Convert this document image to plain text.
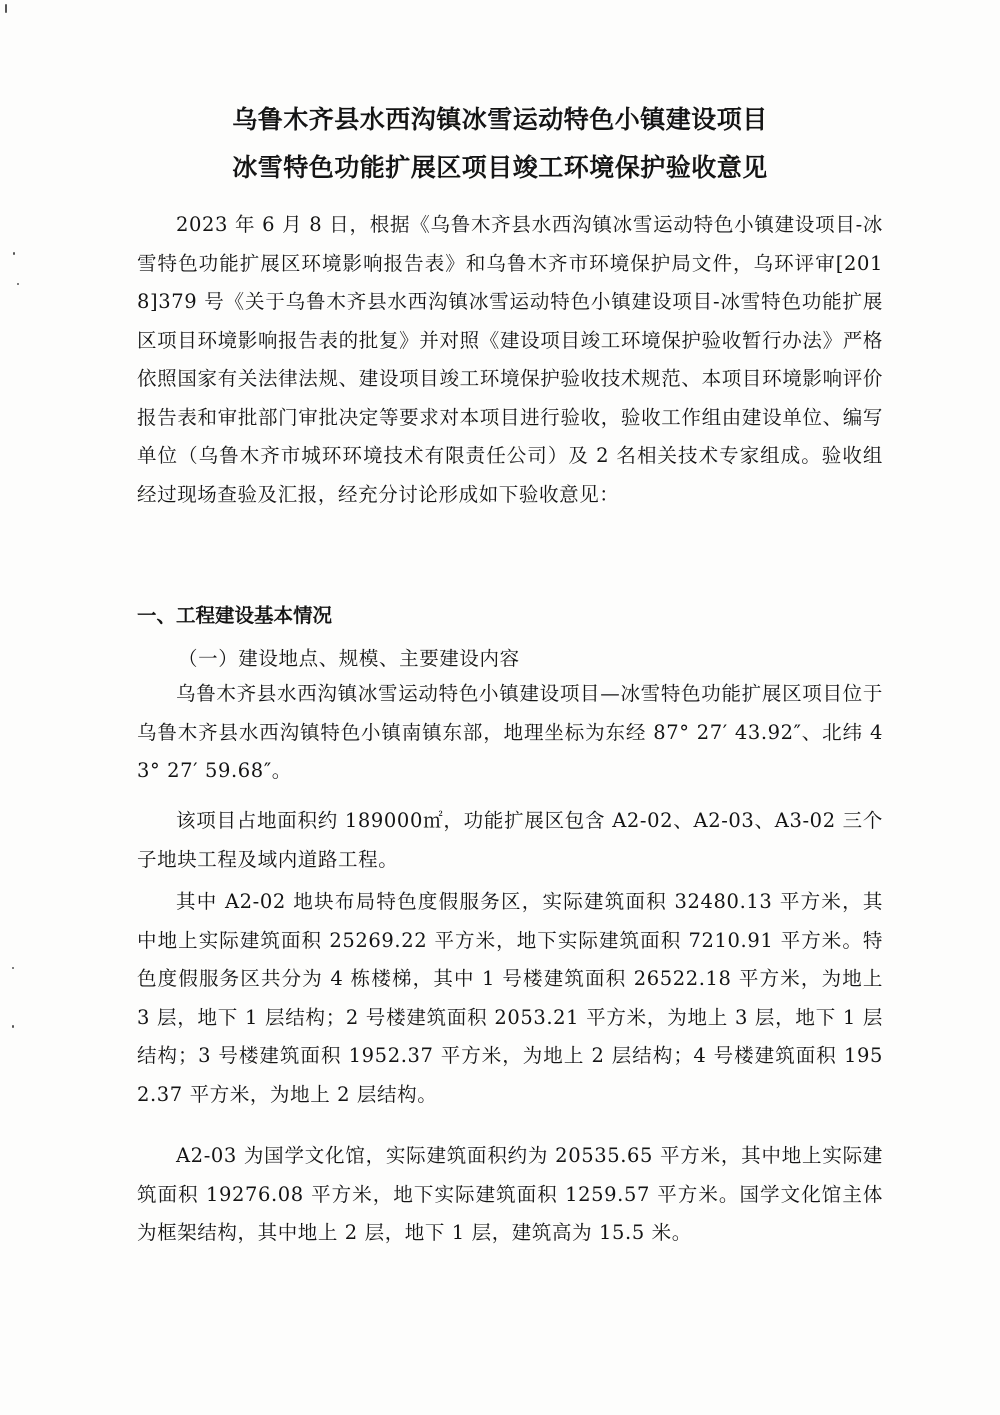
乌鲁木齐县水西沟镇冰雪运动特色小镇建设项目
冰雪特色功能扩展区项目竣工环境保护验收意见

2023 年 6 月 8 日，根据《乌鲁木齐县水西沟镇冰雪运动特色小镇建设项目-冰雪特色功能扩展区环境影响报告表》和乌鲁木齐市环境保护局文件，乌环评审[2018]379 号《关于乌鲁木齐县水西沟镇冰雪运动特色小镇建设项目-冰雪特色功能扩展区项目环境影响报告表的批复》并对照《建设项目竣工环境保护验收暂行办法》严格依照国家有关法律法规、建设项目竣工环境保护验收技术规范、本项目环境影响评价报告表和审批部门审批决定等要求对本项目进行验收，验收工作组由建设单位、编写单位（乌鲁木齐市城环环境技术有限责任公司）及 2 名相关技术专家组成。验收组经过现场查验及汇报，经充分讨论形成如下验收意见：

一、工程建设基本情况
（一）建设地点、规模、主要建设内容

乌鲁木齐县水西沟镇冰雪运动特色小镇建设项目—冰雪特色功能扩展区项目位于乌鲁木齐县水西沟镇特色小镇南镇东部，地理坐标为东经 87° 27′ 43.92″、北纬 43° 27′ 59.68″。

该项目占地面积约 189000㎡，功能扩展区包含 A2-02、A2-03、A3-02 三个子地块工程及域内道路工程。

其中 A2-02 地块布局特色度假服务区，实际建筑面积 32480.13 平方米，其中地上实际建筑面积 25269.22 平方米，地下实际建筑面积 7210.91 平方米。特色度假服务区共分为 4 栋楼梯，其中 1 号楼建筑面积 26522.18 平方米，为地上 3 层，地下 1 层结构；2 号楼建筑面积 2053.21 平方米，为地上 3 层，地下 1 层结构；3 号楼建筑面积 1952.37 平方米，为地上 2 层结构；4 号楼建筑面积 1952.37 平方米，为地上 2 层结构。

A2-03 为国学文化馆，实际建筑面积约为 20535.65 平方米，其中地上实际建筑面积 19276.08 平方米，地下实际建筑面积 1259.57 平方米。国学文化馆主体为框架结构，其中地上 2 层，地下 1 层，建筑高为 15.5 米。
